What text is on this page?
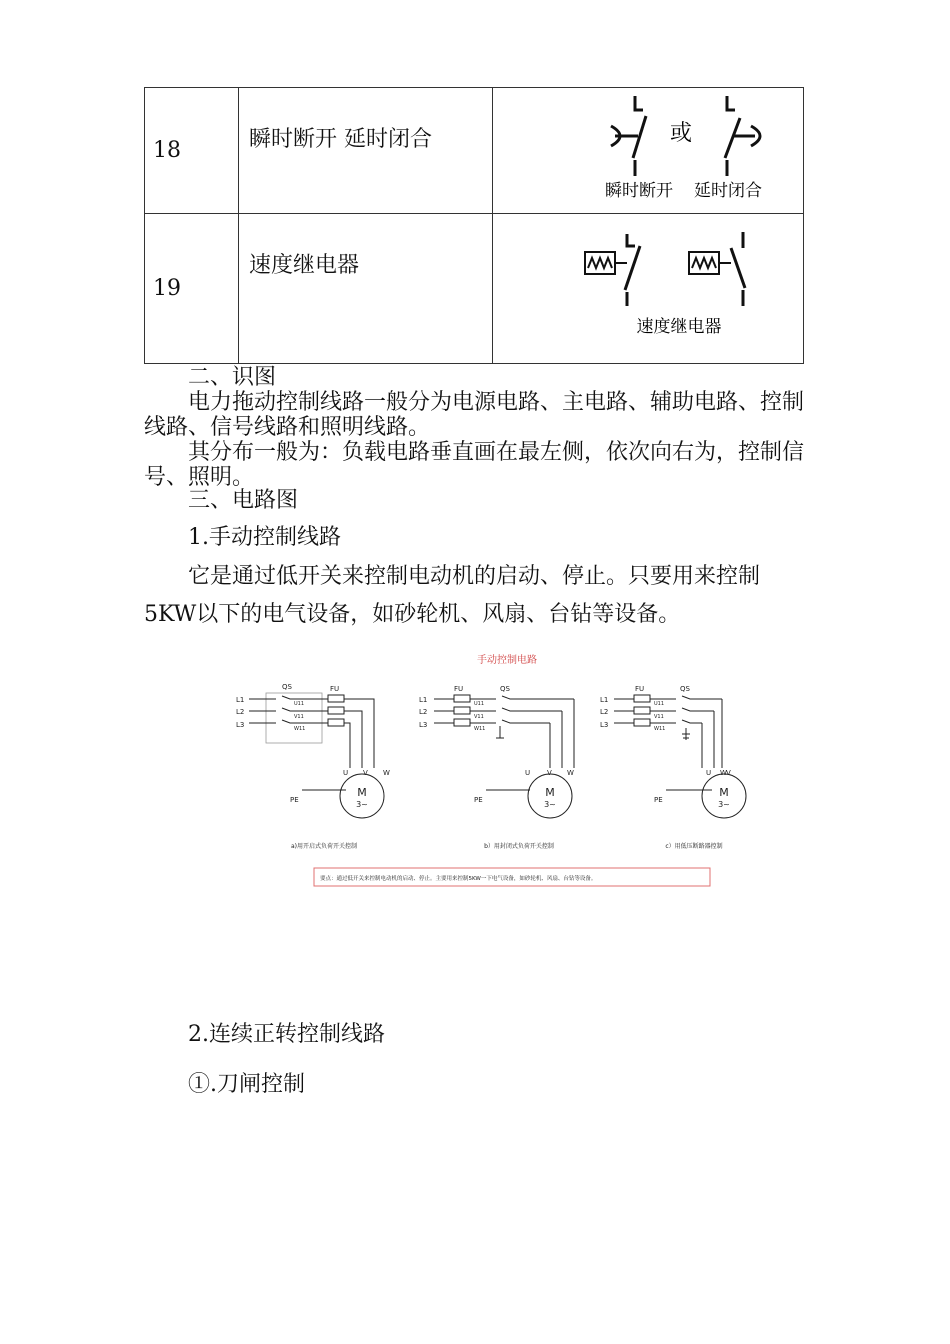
18	瞬时断开 延时闭合	或
瞬时断开 延时闭合

19	速度继电器	速度继电器

二、识图

电力拖动控制线路一般分为电源电路、主电路、辅助电路、控制线路、信号线路和照明线路。

其分布一般为：负载电路垂直画在最左侧，依次向右为，控制信号、照明。

三、电路图

1.手动控制线路

它是通过低开关来控制电动机的启动、停止。只要用来控制5KW以下的电气设备，如砂轮机、风扇、台钻等设备。

手动控制电路
QS	FU
L1
L2
L3
U11
V11
W11
U V W
PE
M
3~
a)用开启式负荷开关控制
FU	QS
L1
L2
L3
U11
V11
W11
U V W
PE
M
3~
b）用封闭式负荷开关控制
FU	QS
L1
L2
L3
U11
V11
W11
U V
W
PE
M
3~
c）用低压断路器控制
要点：通过低开关来控制电动机的启动、停止。主要用来控制5KW一下电气设备，如砂轮机、风扇、台钻等设备。

2.连续正转控制线路

①.刀闸控制
